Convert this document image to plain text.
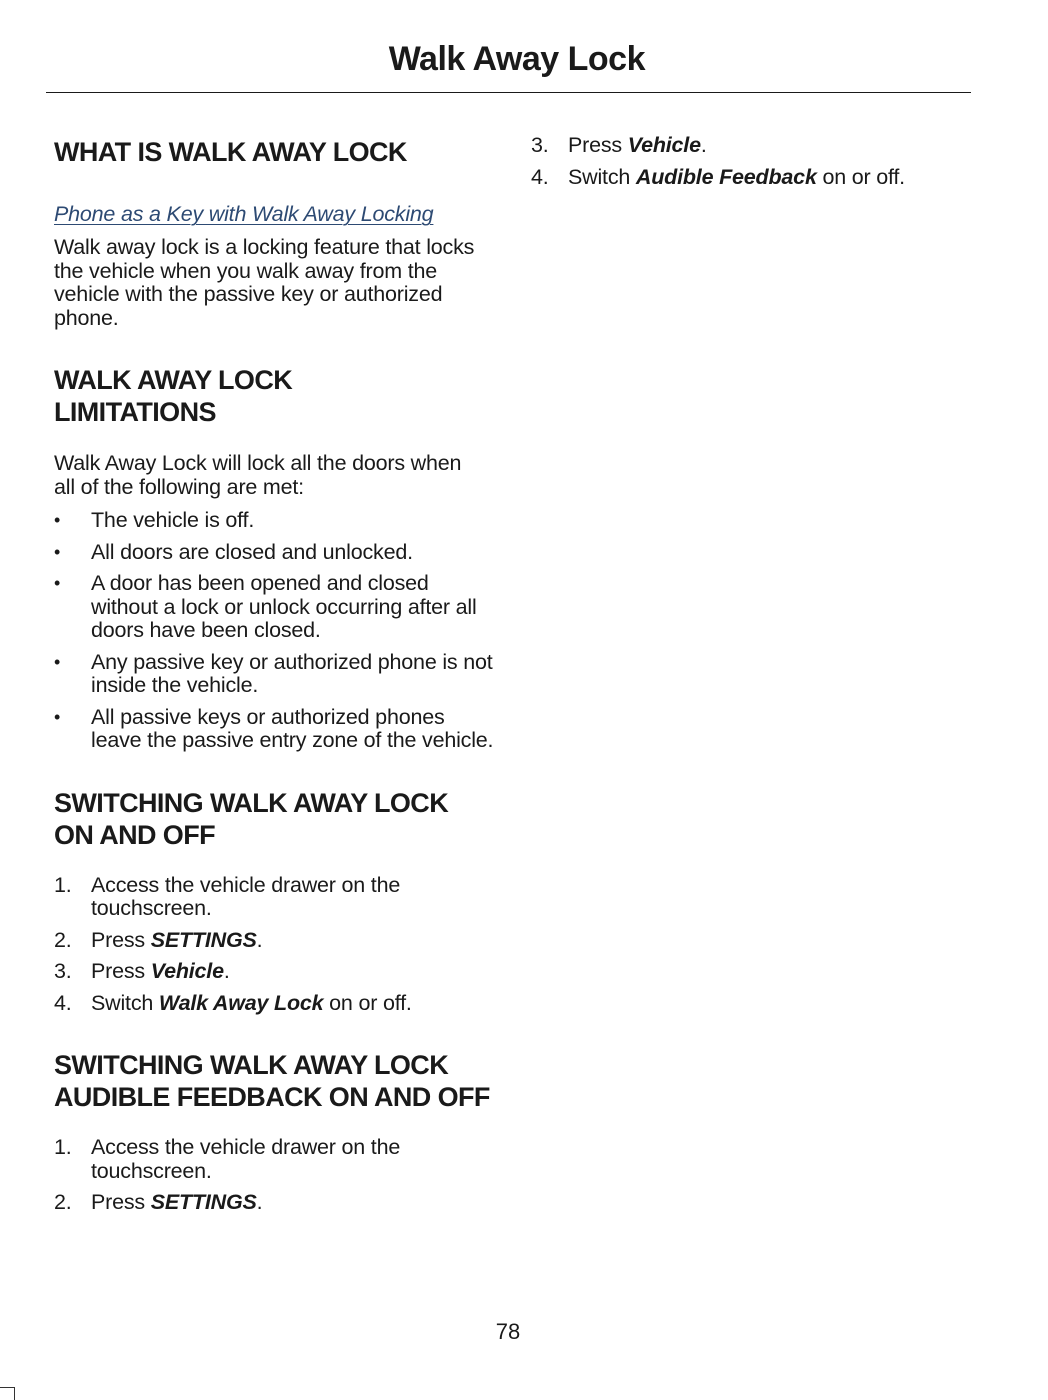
Walk Away Lock
WHAT IS WALK AWAY LOCK
Phone as a Key with Walk Away Locking

Walk away lock is a locking feature that locks the vehicle when you walk away from the vehicle with the passive key or authorized phone.

WALK AWAY LOCK LIMITATIONS

Walk Away Lock will lock all the doors when all of the following are met:

• The vehicle is off.
• All doors are closed and unlocked.
• A door has been opened and closed without a lock or unlock occurring after all doors have been closed.
• Any passive key or authorized phone is not inside the vehicle.
• All passive keys or authorized phones leave the passive entry zone of the vehicle.
SWITCHING WALK AWAY LOCK ON AND OFF
1. Access the vehicle drawer on the touchscreen.
2. Press SETTINGS.
3. Press Vehicle.
4. Switch Walk Away Lock on or off.
SWITCHING WALK AWAY LOCK AUDIBLE FEEDBACK ON AND OFF
1. Access the vehicle drawer on the touchscreen.
2. Press SETTINGS.
3. Press Vehicle.
4. Switch Audible Feedback on or off.
78
